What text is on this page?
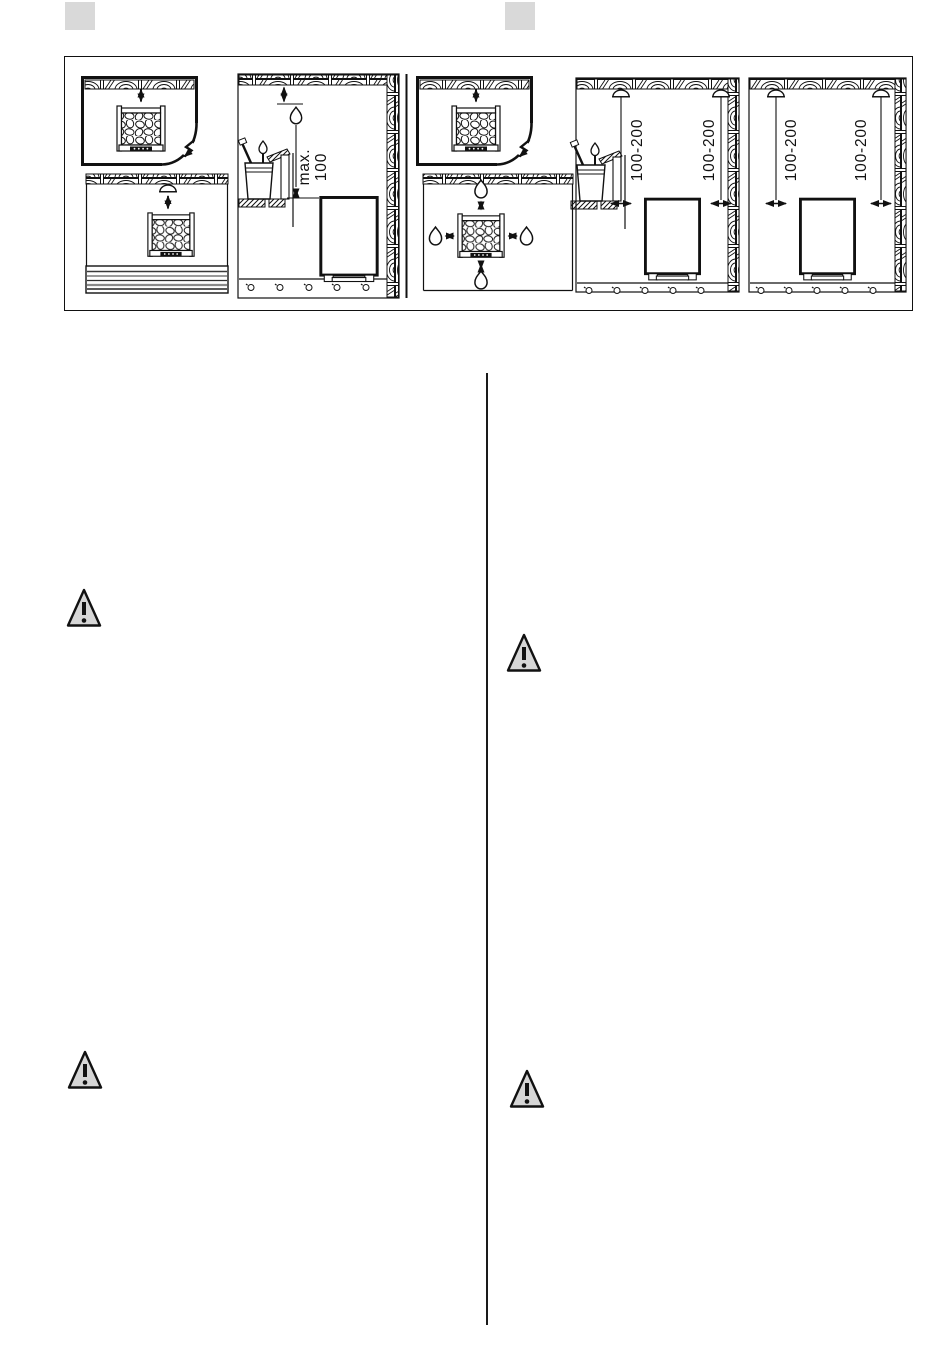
max. 100	100-200	100-200	100-200	100-200
